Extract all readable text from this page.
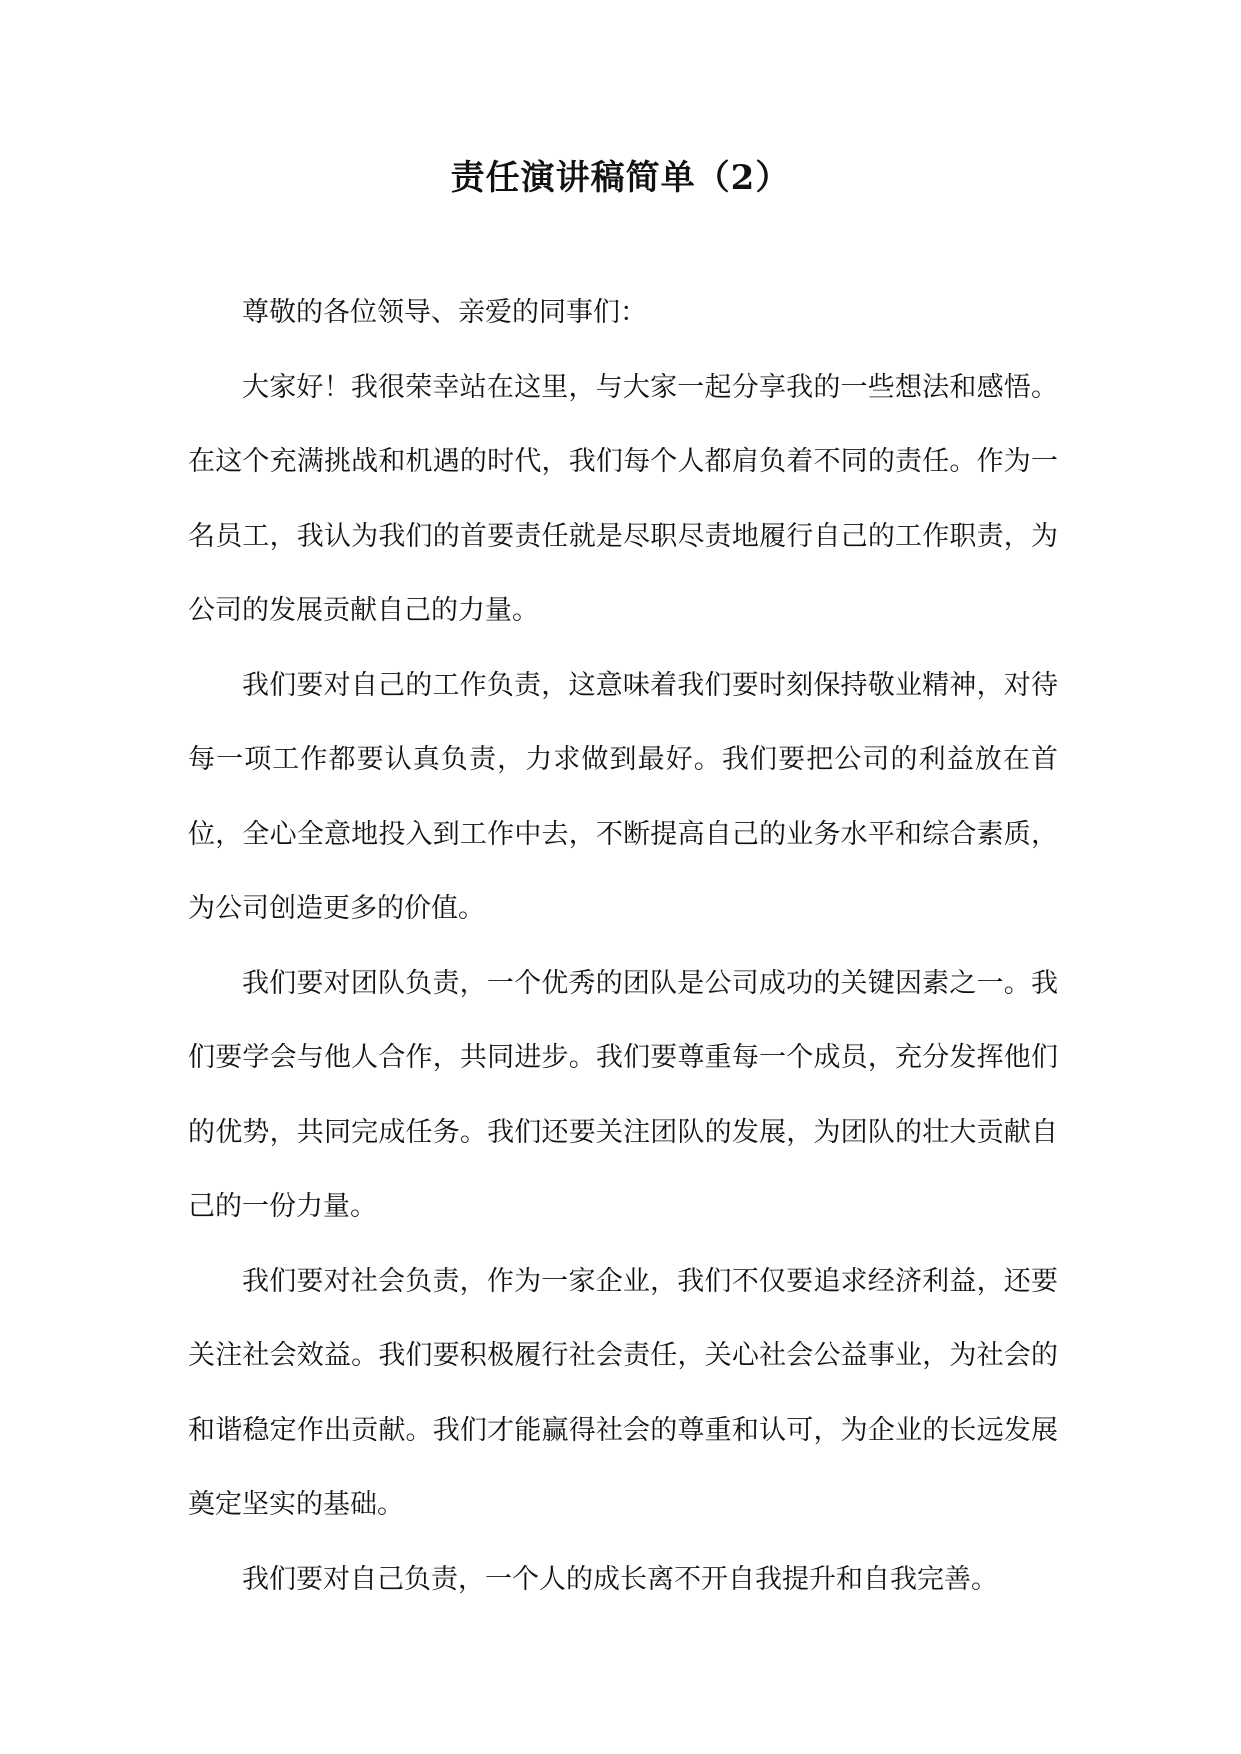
责任演讲稿简单（2）

尊敬的各位领导、亲爱的同事们：

大家好！我很荣幸站在这里，与大家一起分享我的一些想法和感悟。在这个充满挑战和机遇的时代，我们每个人都肩负着不同的责任。作为一名员工，我认为我们的首要责任就是尽职尽责地履行自己的工作职责，为公司的发展贡献自己的力量。

我们要对自己的工作负责，这意味着我们要时刻保持敬业精神，对待每一项工作都要认真负责，力求做到最好。我们要把公司的利益放在首位，全心全意地投入到工作中去，不断提高自己的业务水平和综合素质，为公司创造更多的价值。

我们要对团队负责，一个优秀的团队是公司成功的关键因素之一。我们要学会与他人合作，共同进步。我们要尊重每一个成员，充分发挥他们的优势，共同完成任务。我们还要关注团队的发展，为团队的壮大贡献自己的一份力量。

我们要对社会负责，作为一家企业，我们不仅要追求经济利益，还要关注社会效益。我们要积极履行社会责任，关心社会公益事业，为社会的和谐稳定作出贡献。我们才能赢得社会的尊重和认可，为企业的长远发展奠定坚实的基础。

我们要对自己负责，一个人的成长离不开自我提升和自我完善。
